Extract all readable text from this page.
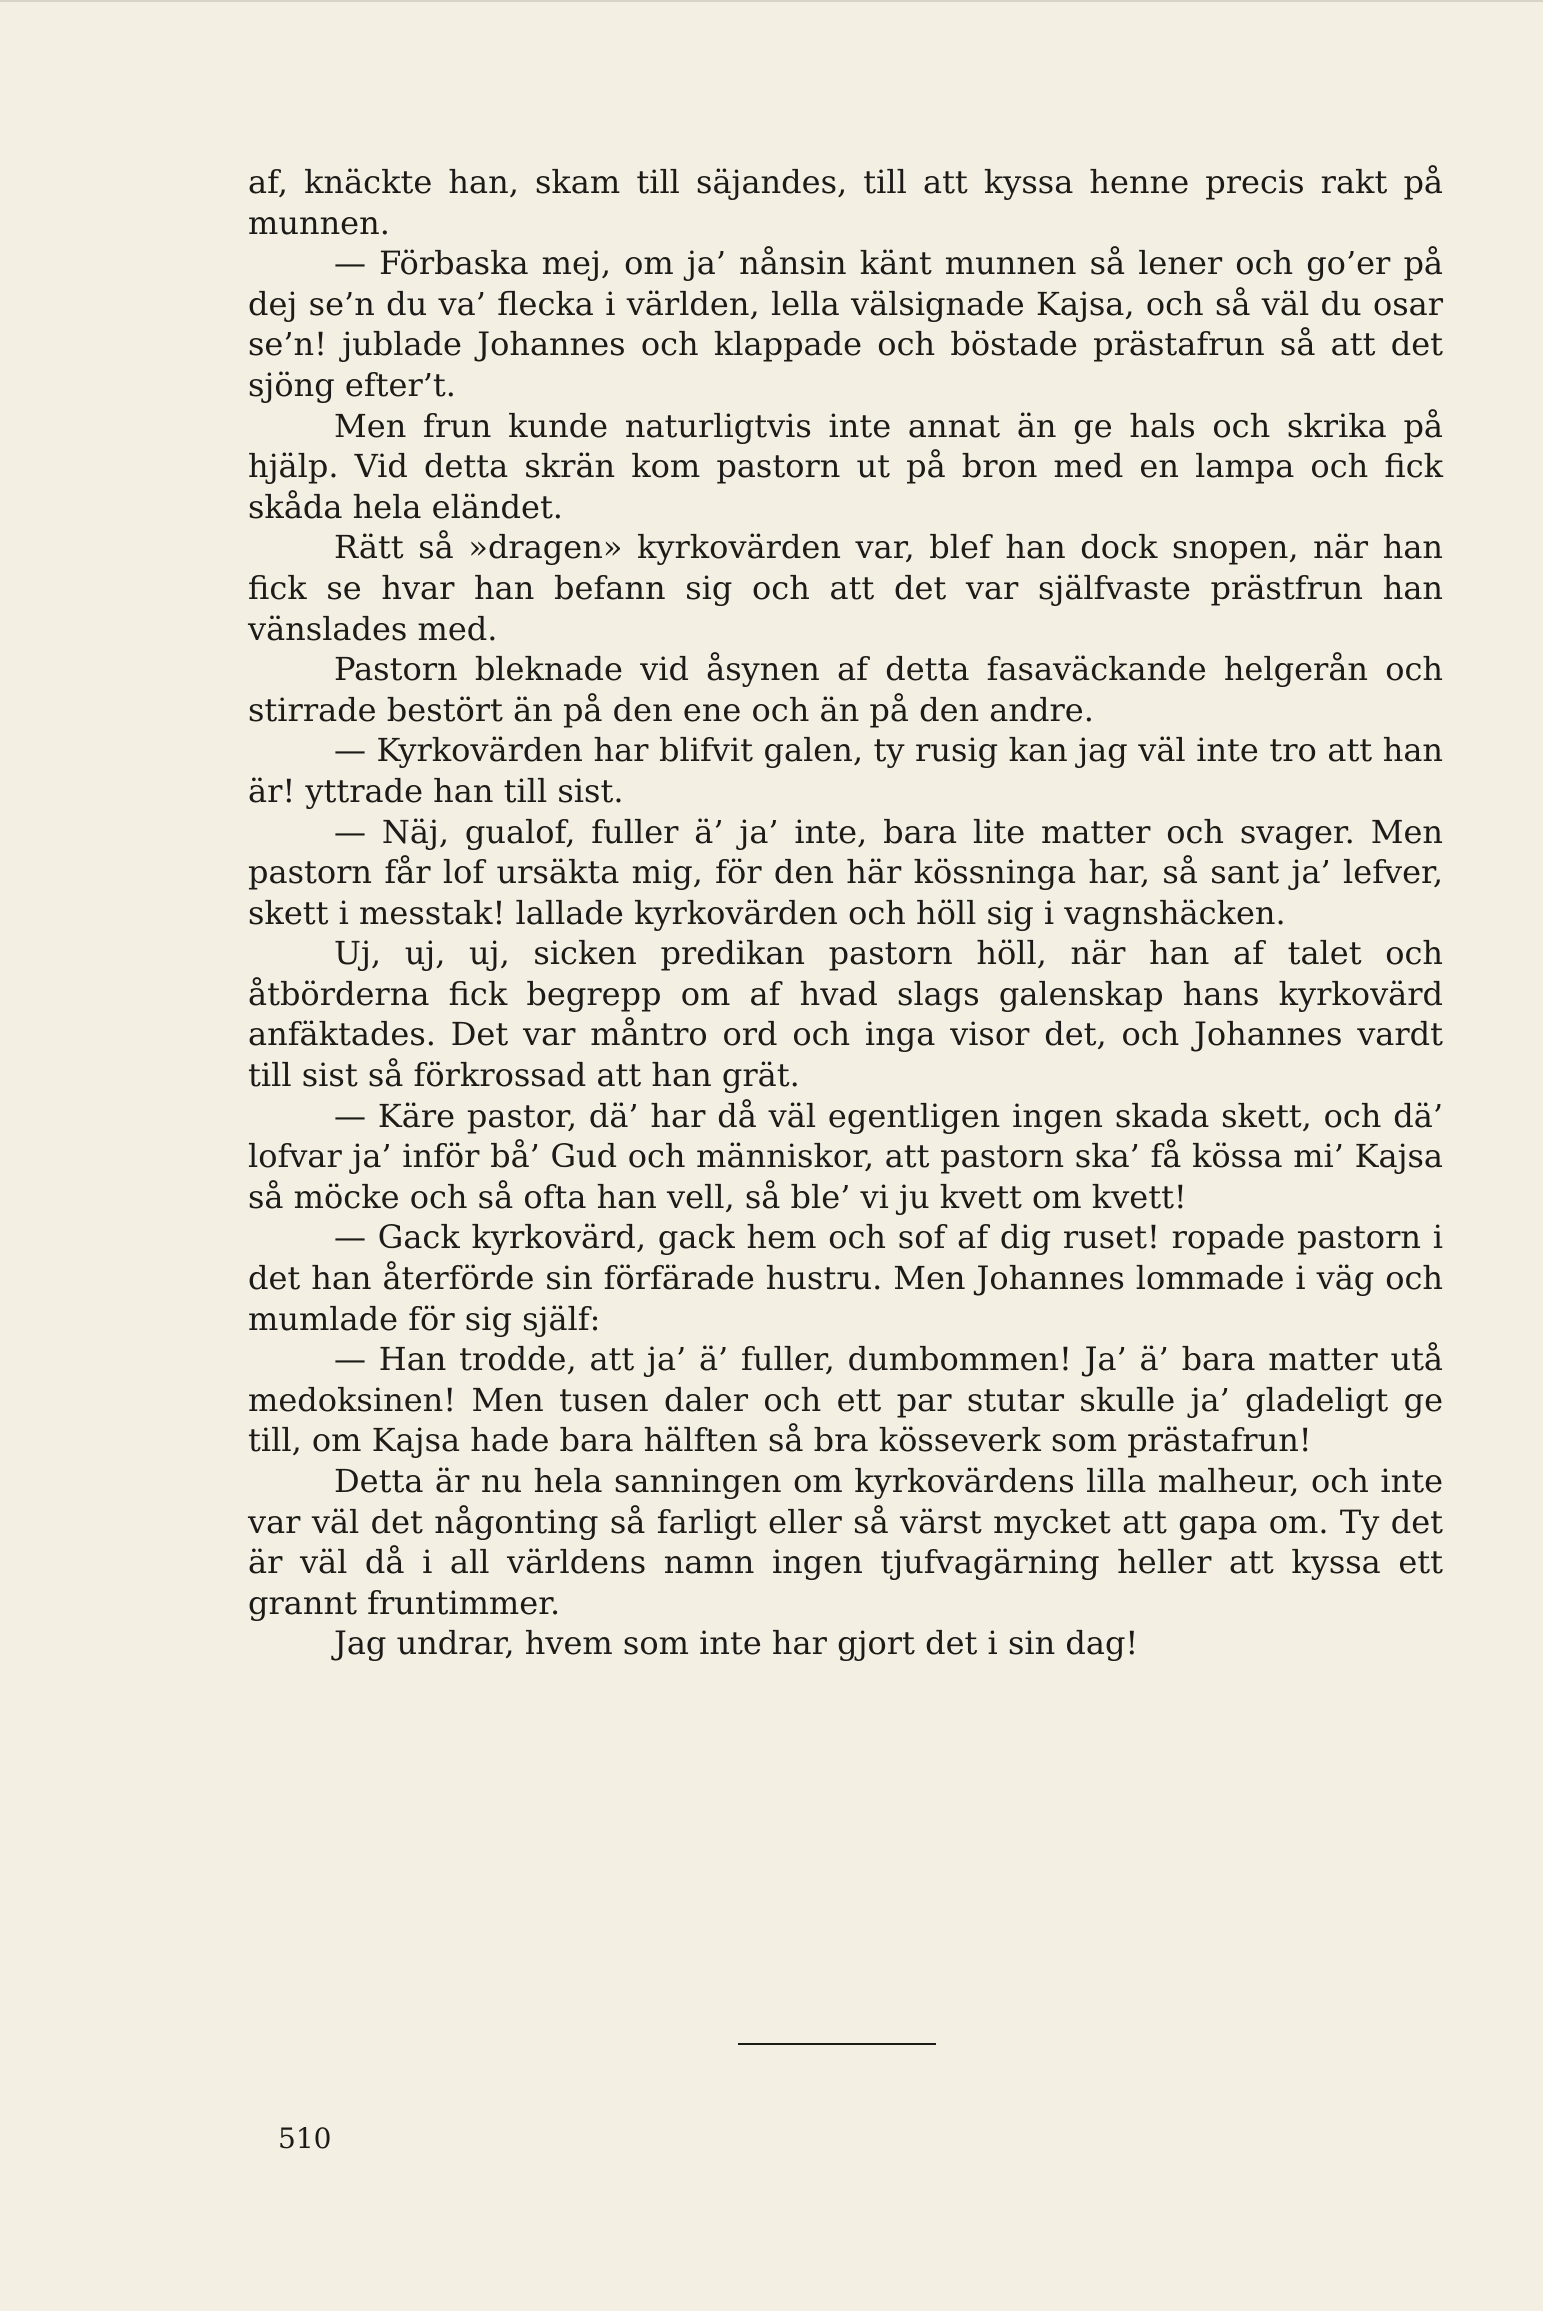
af, knäckte han, skam till säjandes, till att kyssa henne precis rakt på munnen.

— Förbaska mej, om ja’ nånsin känt munnen så lener och go’er på dej se’n du va’ flecka i världen, lella välsignade Kajsa, och så väl du osar se’n! jublade Johannes och klappade och böstade prästafrun så att det sjöng efter’t.

Men frun kunde naturligtvis inte annat än ge hals och skrika på hjälp. Vid detta skrän kom pastorn ut på bron med en lampa och fick skåda hela eländet.

Rätt så »dragen» kyrkovärden var, blef han dock snopen, när han fick se hvar han befann sig och att det var själfvaste prästfrun han vänslades med.

Pastorn bleknade vid åsynen af detta fasaväckande helgerån och stirrade bestört än på den ene och än på den andre.

— Kyrkovärden har blifvit galen, ty rusig kan jag väl inte tro att han är! yttrade han till sist.

— Näj, gualof, fuller ä’ ja’ inte, bara lite matter och svager. Men pastorn får lof ursäkta mig, för den här kössninga har, så sant ja’ lefver, skett i messtak! lallade kyrkovärden och höll sig i vagnshäcken.

Uj, uj, uj, sicken predikan pastorn höll, när han af talet och åtbörderna fick begrepp om af hvad slags galenskap hans kyrkovärd anfäktades. Det var måntro ord och inga visor det, och Johannes vardt till sist så förkrossad att han grät.

— Käre pastor, dä’ har då väl egentligen ingen skada skett, och dä’ lofvar ja’ inför bå’ Gud och människor, att pastorn ska’ få kössa mi’ Kajsa så möcke och så ofta han vell, så ble’ vi ju kvett om kvett!

— Gack kyrkovärd, gack hem och sof af dig ruset! ropade pastorn i det han återförde sin förfärade hustru. Men Johannes lommade i väg och mumlade för sig själf:

— Han trodde, att ja’ ä’ fuller, dumbommen! Ja’ ä’ bara matter utå medoksinen! Men tusen daler och ett par stutar skulle ja’ gladeligt ge till, om Kajsa hade bara hälften så bra kösseverk som prästafrun!

Detta är nu hela sanningen om kyrkovärdens lilla malheur, och inte var väl det någonting så farligt eller så värst mycket att gapa om. Ty det är väl då i all världens namn ingen tjufvagärning heller att kyssa ett grannt fruntimmer.

Jag undrar, hvem som inte har gjort det i sin dag!

510
